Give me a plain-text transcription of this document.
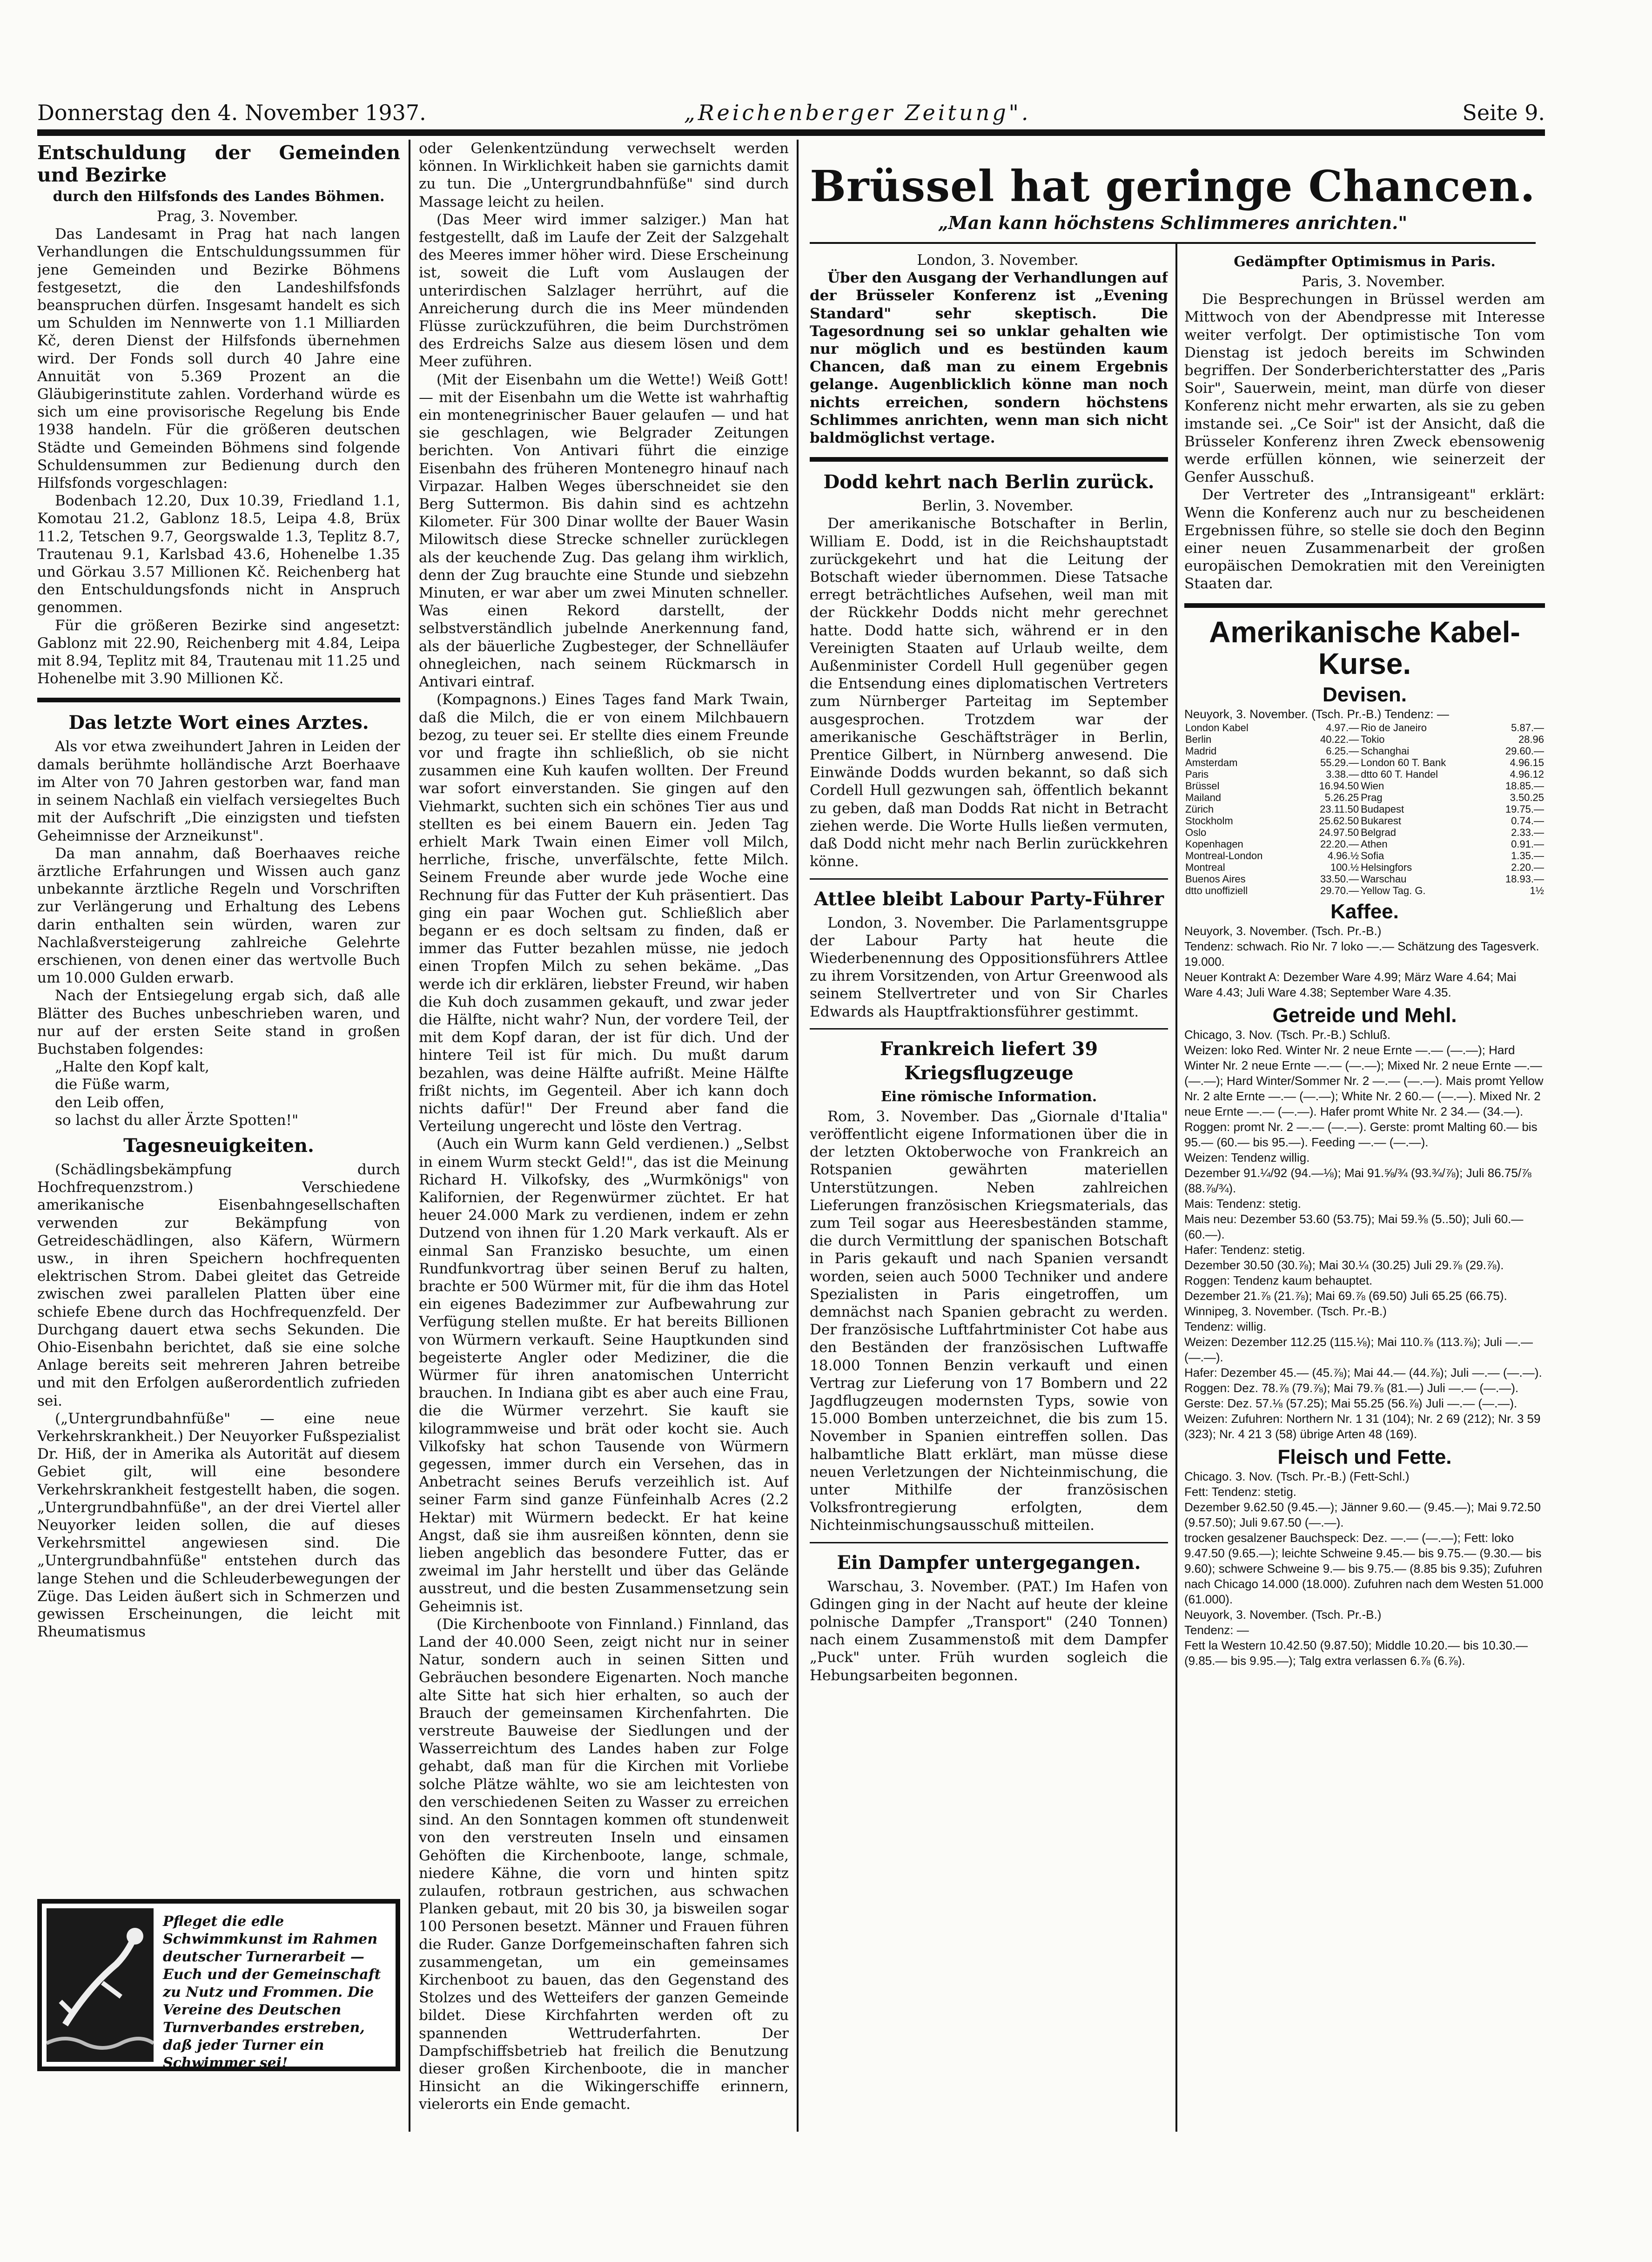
Donnerstag den 4. November 1937.	„Reichenberger Zeitung".	Seite 9.
Entschuldung der Gemeinden und Bezirke
durch den Hilfsfonds des Landes Böhmen.

Prag, 3. November.

Das Landesamt in Prag hat nach langen Verhandlungen die Entschuldungssummen für jene Gemeinden und Bezirke Böhmens festgesetzt, die den Landeshilfsfonds beanspruchen dürfen. Insgesamt handelt es sich um Schulden im Nennwerte von 1.1 Milliarden Kč, deren Dienst der Hilfsfonds übernehmen wird. Der Fonds soll durch 40 Jahre eine Annuität von 5.369 Prozent an die Gläubigerinstitute zahlen. Vorderhand würde es sich um eine provisorische Regelung bis Ende 1938 handeln. Für die größeren deutschen Städte und Gemeinden Böhmens sind folgende Schuldensummen zur Bedienung durch den Hilfsfonds vorgeschlagen:

Bodenbach 12.20, Dux 10.39, Friedland 1.1, Komotau 21.2, Gablonz 18.5, Leipa 4.8, Brüx 11.2, Tetschen 9.7, Georgswalde 1.3, Teplitz 8.7, Trautenau 9.1, Karlsbad 43.6, Hohenelbe 1.35 und Görkau 3.57 Millionen Kč. Reichenberg hat den Entschuldungsfonds nicht in Anspruch genommen.

Für die größeren Bezirke sind angesetzt: Gablonz mit 22.90, Reichenberg mit 4.84, Leipa mit 8.94, Teplitz mit 84, Trautenau mit 11.25 und Hohenelbe mit 3.90 Millionen Kč.

Das letzte Wort eines Arztes.

Als vor etwa zweihundert Jahren in Leiden der damals berühmte holländische Arzt Boerhaave im Alter von 70 Jahren gestorben war, fand man in seinem Nachlaß ein vielfach versiegeltes Buch mit der Aufschrift „Die einzigsten und tiefsten Geheimnisse der Arzneikunst".

Da man annahm, daß Boerhaaves reiche ärztliche Erfahrungen und Wissen auch ganz unbekannte ärztliche Regeln und Vorschriften zur Verlängerung und Erhaltung des Lebens darin enthalten sein würden, waren zur Nachlaßversteigerung zahlreiche Gelehrte erschienen, von denen einer das wertvolle Buch um 10.000 Gulden erwarb.

Nach der Entsiegelung ergab sich, daß alle Blätter des Buches unbeschrieben waren, und nur auf der ersten Seite stand in großen Buchstaben folgendes:

„Halte den Kopf kalt,

die Füße warm,

den Leib offen,

so lachst du aller Ärzte Spotten!"

Tagesneuigkeiten.

(Schädlingsbekämpfung durch Hochfrequenzstrom.) Verschiedene amerikanische Eisenbahngesellschaften verwenden zur Bekämpfung von Getreideschädlingen, also Käfern, Würmern usw., in ihren Speichern hochfrequenten elektrischen Strom. Dabei gleitet das Getreide zwischen zwei parallelen Platten über eine schiefe Ebene durch das Hochfrequenzfeld. Der Durchgang dauert etwa sechs Sekunden. Die Ohio-Eisenbahn berichtet, daß sie eine solche Anlage bereits seit mehreren Jahren betreibe und mit den Erfolgen außerordentlich zufrieden sei.

(„Untergrundbahnfüße" — eine neue Verkehrskrankheit.) Der Neuyorker Fußspezialist Dr. Hiß, der in Amerika als Autorität auf diesem Gebiet gilt, will eine besondere Verkehrskrankheit festgestellt haben, die sogen. „Untergrundbahnfüße", an der drei Viertel aller Neuyorker leiden sollen, die auf dieses Verkehrsmittel angewiesen sind. Die „Untergrundbahnfüße" entstehen durch das lange Stehen und die Schleuderbewegungen der Züge. Das Leiden äußert sich in Schmerzen und gewissen Erscheinungen, die leicht mit Rheumatismus

Pfleget die edle Schwimmkunst im Rahmen deutscher Turnerarbeit — Euch und der Gemeinschaft zu Nutz und Frommen. Die Vereine des Deutschen Turnverbandes erstreben, daß jeder Turner ein Schwimmer sei!

oder Gelenkentzündung verwechselt werden können. In Wirklichkeit haben sie garnichts damit zu tun. Die „Untergrundbahnfüße" sind durch Massage leicht zu heilen.

(Das Meer wird immer salziger.) Man hat festgestellt, daß im Laufe der Zeit der Salzgehalt des Meeres immer höher wird. Diese Erscheinung ist, soweit die Luft vom Auslaugen der unterirdischen Salzlager herrührt, auf die Anreicherung durch die ins Meer mündenden Flüsse zurückzuführen, die beim Durchströmen des Erdreichs Salze aus diesem lösen und dem Meer zuführen.

(Mit der Eisenbahn um die Wette!) Weiß Gott! — mit der Eisenbahn um die Wette ist wahrhaftig ein montenegrinischer Bauer gelaufen — und hat sie geschlagen, wie Belgrader Zeitungen berichten. Von Antivari führt die einzige Eisenbahn des früheren Montenegro hinauf nach Virpazar. Halben Weges überschneidet sie den Berg Suttermon. Bis dahin sind es achtzehn Kilometer. Für 300 Dinar wollte der Bauer Wasin Milowitsch diese Strecke schneller zurücklegen als der keuchende Zug. Das gelang ihm wirklich, denn der Zug brauchte eine Stunde und siebzehn Minuten, er war aber um zwei Minuten schneller. Was einen Rekord darstellt, der selbstverständlich jubelnde Anerkennung fand, als der bäuerliche Zugbesteger, der Schnelläufer ohnegleichen, nach seinem Rückmarsch in Antivari eintraf.

(Kompagnons.) Eines Tages fand Mark Twain, daß die Milch, die er von einem Milchbauern bezog, zu teuer sei. Er stellte dies einem Freunde vor und fragte ihn schließlich, ob sie nicht zusammen eine Kuh kaufen wollten. Der Freund war sofort einverstanden. Sie gingen auf den Viehmarkt, suchten sich ein schönes Tier aus und stellten es bei einem Bauern ein. Jeden Tag erhielt Mark Twain einen Eimer voll Milch, herrliche, frische, unverfälschte, fette Milch. Seinem Freunde aber wurde jede Woche eine Rechnung für das Futter der Kuh präsentiert. Das ging ein paar Wochen gut. Schließlich aber begann er es doch seltsam zu finden, daß er immer das Futter bezahlen müsse, nie jedoch einen Tropfen Milch zu sehen bekäme. „Das werde ich dir erklären, liebster Freund, wir haben die Kuh doch zusammen gekauft, und zwar jeder die Hälfte, nicht wahr? Nun, der vordere Teil, der mit dem Kopf daran, der ist für dich. Und der hintere Teil ist für mich. Du mußt darum bezahlen, was deine Hälfte aufrißt. Meine Hälfte frißt nichts, im Gegenteil. Aber ich kann doch nichts dafür!" Der Freund aber fand die Verteilung ungerecht und löste den Vertrag.

(Auch ein Wurm kann Geld verdienen.) „Selbst in einem Wurm steckt Geld!", das ist die Meinung Richard H. Vilkofsky, des „Wurmkönigs" von Kalifornien, der Regenwürmer züchtet. Er hat heuer 24.000 Mark zu verdienen, indem er zehn Dutzend von ihnen für 1.20 Mark verkauft. Als er einmal San Franzisko besuchte, um einen Rundfunkvortrag über seinen Beruf zu halten, brachte er 500 Würmer mit, für die ihm das Hotel ein eigenes Badezimmer zur Aufbewahrung zur Verfügung stellen mußte. Er hat bereits Billionen von Würmern verkauft. Seine Hauptkunden sind begeisterte Angler oder Mediziner, die die Würmer für ihren anatomischen Unterricht brauchen. In Indiana gibt es aber auch eine Frau, die die Würmer verzehrt. Sie kauft sie kilogrammweise und brät oder kocht sie. Auch Vilkofsky hat schon Tausende von Würmern gegessen, immer durch ein Versehen, das in Anbetracht seines Berufs verzeihlich ist. Auf seiner Farm sind ganze Fünfeinhalb Acres (2.2 Hektar) mit Würmern bedeckt. Er hat keine Angst, daß sie ihm ausreißen könnten, denn sie lieben angeblich das besondere Futter, das er zweimal im Jahr herstellt und über das Gelände ausstreut, und die besten Zusammensetzung sein Geheimnis ist.

(Die Kirchenboote von Finnland.) Finnland, das Land der 40.000 Seen, zeigt nicht nur in seiner Natur, sondern auch in seinen Sitten und Gebräuchen besondere Eigenarten. Noch manche alte Sitte hat sich hier erhalten, so auch der Brauch der gemeinsamen Kirchenfahrten. Die verstreute Bauweise der Siedlungen und der Wasserreichtum des Landes haben zur Folge gehabt, daß man für die Kirchen mit Vorliebe solche Plätze wählte, wo sie am leichtesten von den verschiedenen Seiten zu Wasser zu erreichen sind. An den Sonntagen kommen oft stundenweit von den verstreuten Inseln und einsamen Gehöften die Kirchenboote, lange, schmale, niedere Kähne, die vorn und hinten spitz zulaufen, rotbraun gestrichen, aus schwachen Planken gebaut, mit 20 bis 30, ja bisweilen sogar 100 Personen besetzt. Männer und Frauen führen die Ruder. Ganze Dorfgemeinschaften fahren sich zusammengetan, um ein gemeinsames Kirchenboot zu bauen, das den Gegenstand des Stolzes und des Wetteifers der ganzen Gemeinde bildet. Diese Kirchfahrten werden oft zu spannenden Wettruderfahrten. Der Dampfschiffsbetrieb hat freilich die Benutzung dieser großen Kirchenboote, die in mancher Hinsicht an die Wikingerschiffe erinnern, vielerorts ein Ende gemacht.

Brüssel hat geringe Chancen.
„Man kann höchstens Schlimmeres anrichten."

London, 3. November.

Über den Ausgang der Verhandlungen auf der Brüsseler Konferenz ist „Evening Standard" sehr skeptisch. Die Tagesordnung sei so unklar gehalten wie nur möglich und es bestünden kaum Chancen, daß man zu einem Ergebnis gelange. Augenblicklich könne man noch nichts erreichen, sondern höchstens Schlimmes anrichten, wenn man sich nicht baldmöglichst vertage.

Dodd kehrt nach Berlin zurück.

Berlin, 3. November.

Der amerikanische Botschafter in Berlin, William E. Dodd, ist in die Reichshauptstadt zurückgekehrt und hat die Leitung der Botschaft wieder übernommen. Diese Tatsache erregt beträchtliches Aufsehen, weil man mit der Rückkehr Dodds nicht mehr gerechnet hatte. Dodd hatte sich, während er in den Vereinigten Staaten auf Urlaub weilte, dem Außenminister Cordell Hull gegenüber gegen die Entsendung eines diplomatischen Vertreters zum Nürnberger Parteitag im September ausgesprochen. Trotzdem war der amerikanische Geschäftsträger in Berlin, Prentice Gilbert, in Nürnberg anwesend. Die Einwände Dodds wurden bekannt, so daß sich Cordell Hull gezwungen sah, öffentlich bekannt zu geben, daß man Dodds Rat nicht in Betracht ziehen werde. Die Worte Hulls ließen vermuten, daß Dodd nicht mehr nach Berlin zurückkehren könne.

Attlee bleibt Labour Party-Führer

London, 3. November. Die Parlamentsgruppe der Labour Party hat heute die Wiederbenennung des Oppositionsführers Attlee zu ihrem Vorsitzenden, von Artur Greenwood als seinem Stellvertreter und von Sir Charles Edwards als Hauptfraktionsführer gestimmt.

Frankreich liefert 39 Kriegsflugzeuge
Eine römische Information.

Rom, 3. November. Das „Giornale d'Italia" veröffentlicht eigene Informationen über die in der letzten Oktoberwoche von Frankreich an Rotspanien gewährten materiellen Unterstützungen. Neben zahlreichen Lieferungen französischen Kriegsmaterials, das zum Teil sogar aus Heeresbeständen stamme, die durch Vermittlung der spanischen Botschaft in Paris gekauft und nach Spanien versandt worden, seien auch 5000 Techniker und andere Spezialisten in Paris eingetroffen, um demnächst nach Spanien gebracht zu werden. Der französische Luftfahrtminister Cot habe aus den Beständen der französischen Luftwaffe 18.000 Tonnen Benzin verkauft und einen Vertrag zur Lieferung von 17 Bombern und 22 Jagdflugzeugen modernsten Typs, sowie von 15.000 Bomben unterzeichnet, die bis zum 15. November in Spanien eintreffen sollen. Das halbamtliche Blatt erklärt, man müsse diese neuen Verletzungen der Nichteinmischung, die unter Mithilfe der französischen Volksfrontregierung erfolgten, dem Nichteinmischungsausschuß mitteilen.

Ein Dampfer untergegangen.

Warschau, 3. November. (PAT.) Im Hafen von Gdingen ging in der Nacht auf heute der kleine polnische Dampfer „Transport" (240 Tonnen) nach einem Zusammenstoß mit dem Dampfer „Puck" unter. Früh wurden sogleich die Hebungsarbeiten begonnen.

Gedämpfter Optimismus in Paris.

Paris, 3. November.

Die Besprechungen in Brüssel werden am Mittwoch von der Abendpresse mit Interesse weiter verfolgt. Der optimistische Ton vom Dienstag ist jedoch bereits im Schwinden begriffen. Der Sonderberichterstatter des „Paris Soir", Sauerwein, meint, man dürfe von dieser Konferenz nicht mehr erwarten, als sie zu geben imstande sei. „Ce Soir" ist der Ansicht, daß die Brüsseler Konferenz ihren Zweck ebensowenig werde erfüllen können, wie seinerzeit der Genfer Ausschuß.

Der Vertreter des „Intransigeant" erklärt: Wenn die Konferenz auch nur zu bescheidenen Ergebnissen führe, so stelle sie doch den Beginn einer neuen Zusammenarbeit der großen europäischen Demokratien mit den Vereinigten Staaten dar.

Amerikanische Kabel-Kurse.
Devisen.
Neuyork, 3. November. (Tsch. Pr.-B.) Tendenz: —
London Kabel	4.97.—	Rio de Janeiro	5.87.—
Berlin	40.22.—	Tokio	28.96
Madrid	6.25.—	Schanghai	29.60.—
Amsterdam	55.29.—	London 60 T. Bank	4.96.15
Paris	3.38.—	dtto 60 T. Handel	4.96.12
Brüssel	16.94.50	Wien	18.85.—
Mailand	5.26.25	Prag	3.50.25
Zürich	23.11.50	Budapest	19.75.—
Stockholm	25.62.50	Bukarest	0.74.—
Oslo	24.97.50	Belgrad	2.33.—
Kopenhagen	22.20.—	Athen	0.91.—
Montreal-London	4.96.½	Sofia	1.35.—
Montreal	100.½	Helsingfors	2.20.—
Buenos Aires	33.50.—	Warschau	18.93.—
dtto unoffiziell	29.70.—	Yellow Tag. G.	1½
Kaffee.
Neuyork, 3. November. (Tsch. Pr.-B.)
Tendenz: schwach. Rio Nr. 7 loko —.— Schätzung des Tagesverk. 19.000.
Neuer Kontrakt A: Dezember Ware 4.99; März Ware 4.64; Mai Ware 4.43; Juli Ware 4.38; September Ware 4.35.
Getreide und Mehl.
Chicago, 3. Nov. (Tsch. Pr.-B.) Schluß.
Weizen: loko Red. Winter Nr. 2 neue Ernte —.— (—.—); Hard Winter Nr. 2 neue Ernte —.— (—.—); Mixed Nr. 2 neue Ernte —.— (—.—); Hard Winter/Sommer Nr. 2 —.— (—.—). Mais promt Yellow Nr. 2 alte Ernte —.— (—.—); White Nr. 2 60.— (—.—). Mixed Nr. 2 neue Ernte —.— (—.—). Hafer promt White Nr. 2 34.— (34.—). Roggen: promt Nr. 2 —.— (—.—). Gerste: promt Malting 60.— bis 95.— (60.— bis 95.—). Feeding —.— (—.—).
Weizen: Tendenz willig.
Dezember 91.¼/92 (94.—⅛); Mai 91.⅝/¾ (93.¾/⅞); Juli 86.75/⅞ (88.⅞/¾).
Mais: Tendenz: stetig.
Mais neu: Dezember 53.60 (53.75); Mai 59.⅜ (5..50); Juli 60.— (60.—).
Hafer: Tendenz: stetig.
Dezember 30.50 (30.⅞); Mai 30.¼ (30.25) Juli 29.⅞ (29.⅞).
Roggen: Tendenz kaum behauptet.
Dezember 21.⅞ (21.⅞); Mai 69.⅞ (69.50) Juli 65.25 (66.75).
Winnipeg, 3. November. (Tsch. Pr.-B.)
Tendenz: willig.
Weizen: Dezember 112.25 (115.⅛); Mai 110.⅞ (113.⅞); Juli —.— (—.—).
Hafer: Dezember 45.— (45.⅞); Mai 44.— (44.⅞); Juli —.— (—.—).
Roggen: Dez. 78.⅞ (79.⅞); Mai 79.⅞ (81.—) Juli —.— (—.—).
Gerste: Dez. 57.⅛ (57.25); Mai 55.25 (56.⅞) Juli —.— (—.—).
Weizen: Zufuhren: Northern Nr. 1 31 (104); Nr. 2 69 (212); Nr. 3 59 (323); Nr. 4 21 3 (58) übrige Arten 48 (169).
Fleisch und Fette.
Chicago. 3. Nov. (Tsch. Pr.-B.) (Fett-Schl.)
Fett: Tendenz: stetig.
Dezember 9.62.50 (9.45.—); Jänner 9.60.— (9.45.—); Mai 9.72.50 (9.57.50); Juli 9.67.50 (—.—).
trocken gesalzener Bauchspeck: Dez. —.— (—.—); Fett: loko 9.47.50 (9.65.—); leichte Schweine 9.45.— bis 9.75.— (9.30.— bis 9.60); schwere Schweine 9.— bis 9.75.— (8.85 bis 9.35); Zufuhren nach Chicago 14.000 (18.000). Zufuhren nach dem Westen 51.000 (61.000).
Neuyork, 3. November. (Tsch. Pr.-B.)
Tendenz: —
Fett la Western 10.42.50 (9.87.50); Middle 10.20.— bis 10.30.— (9.85.— bis 9.95.—); Talg extra verlassen 6.⅞ (6.⅞).
